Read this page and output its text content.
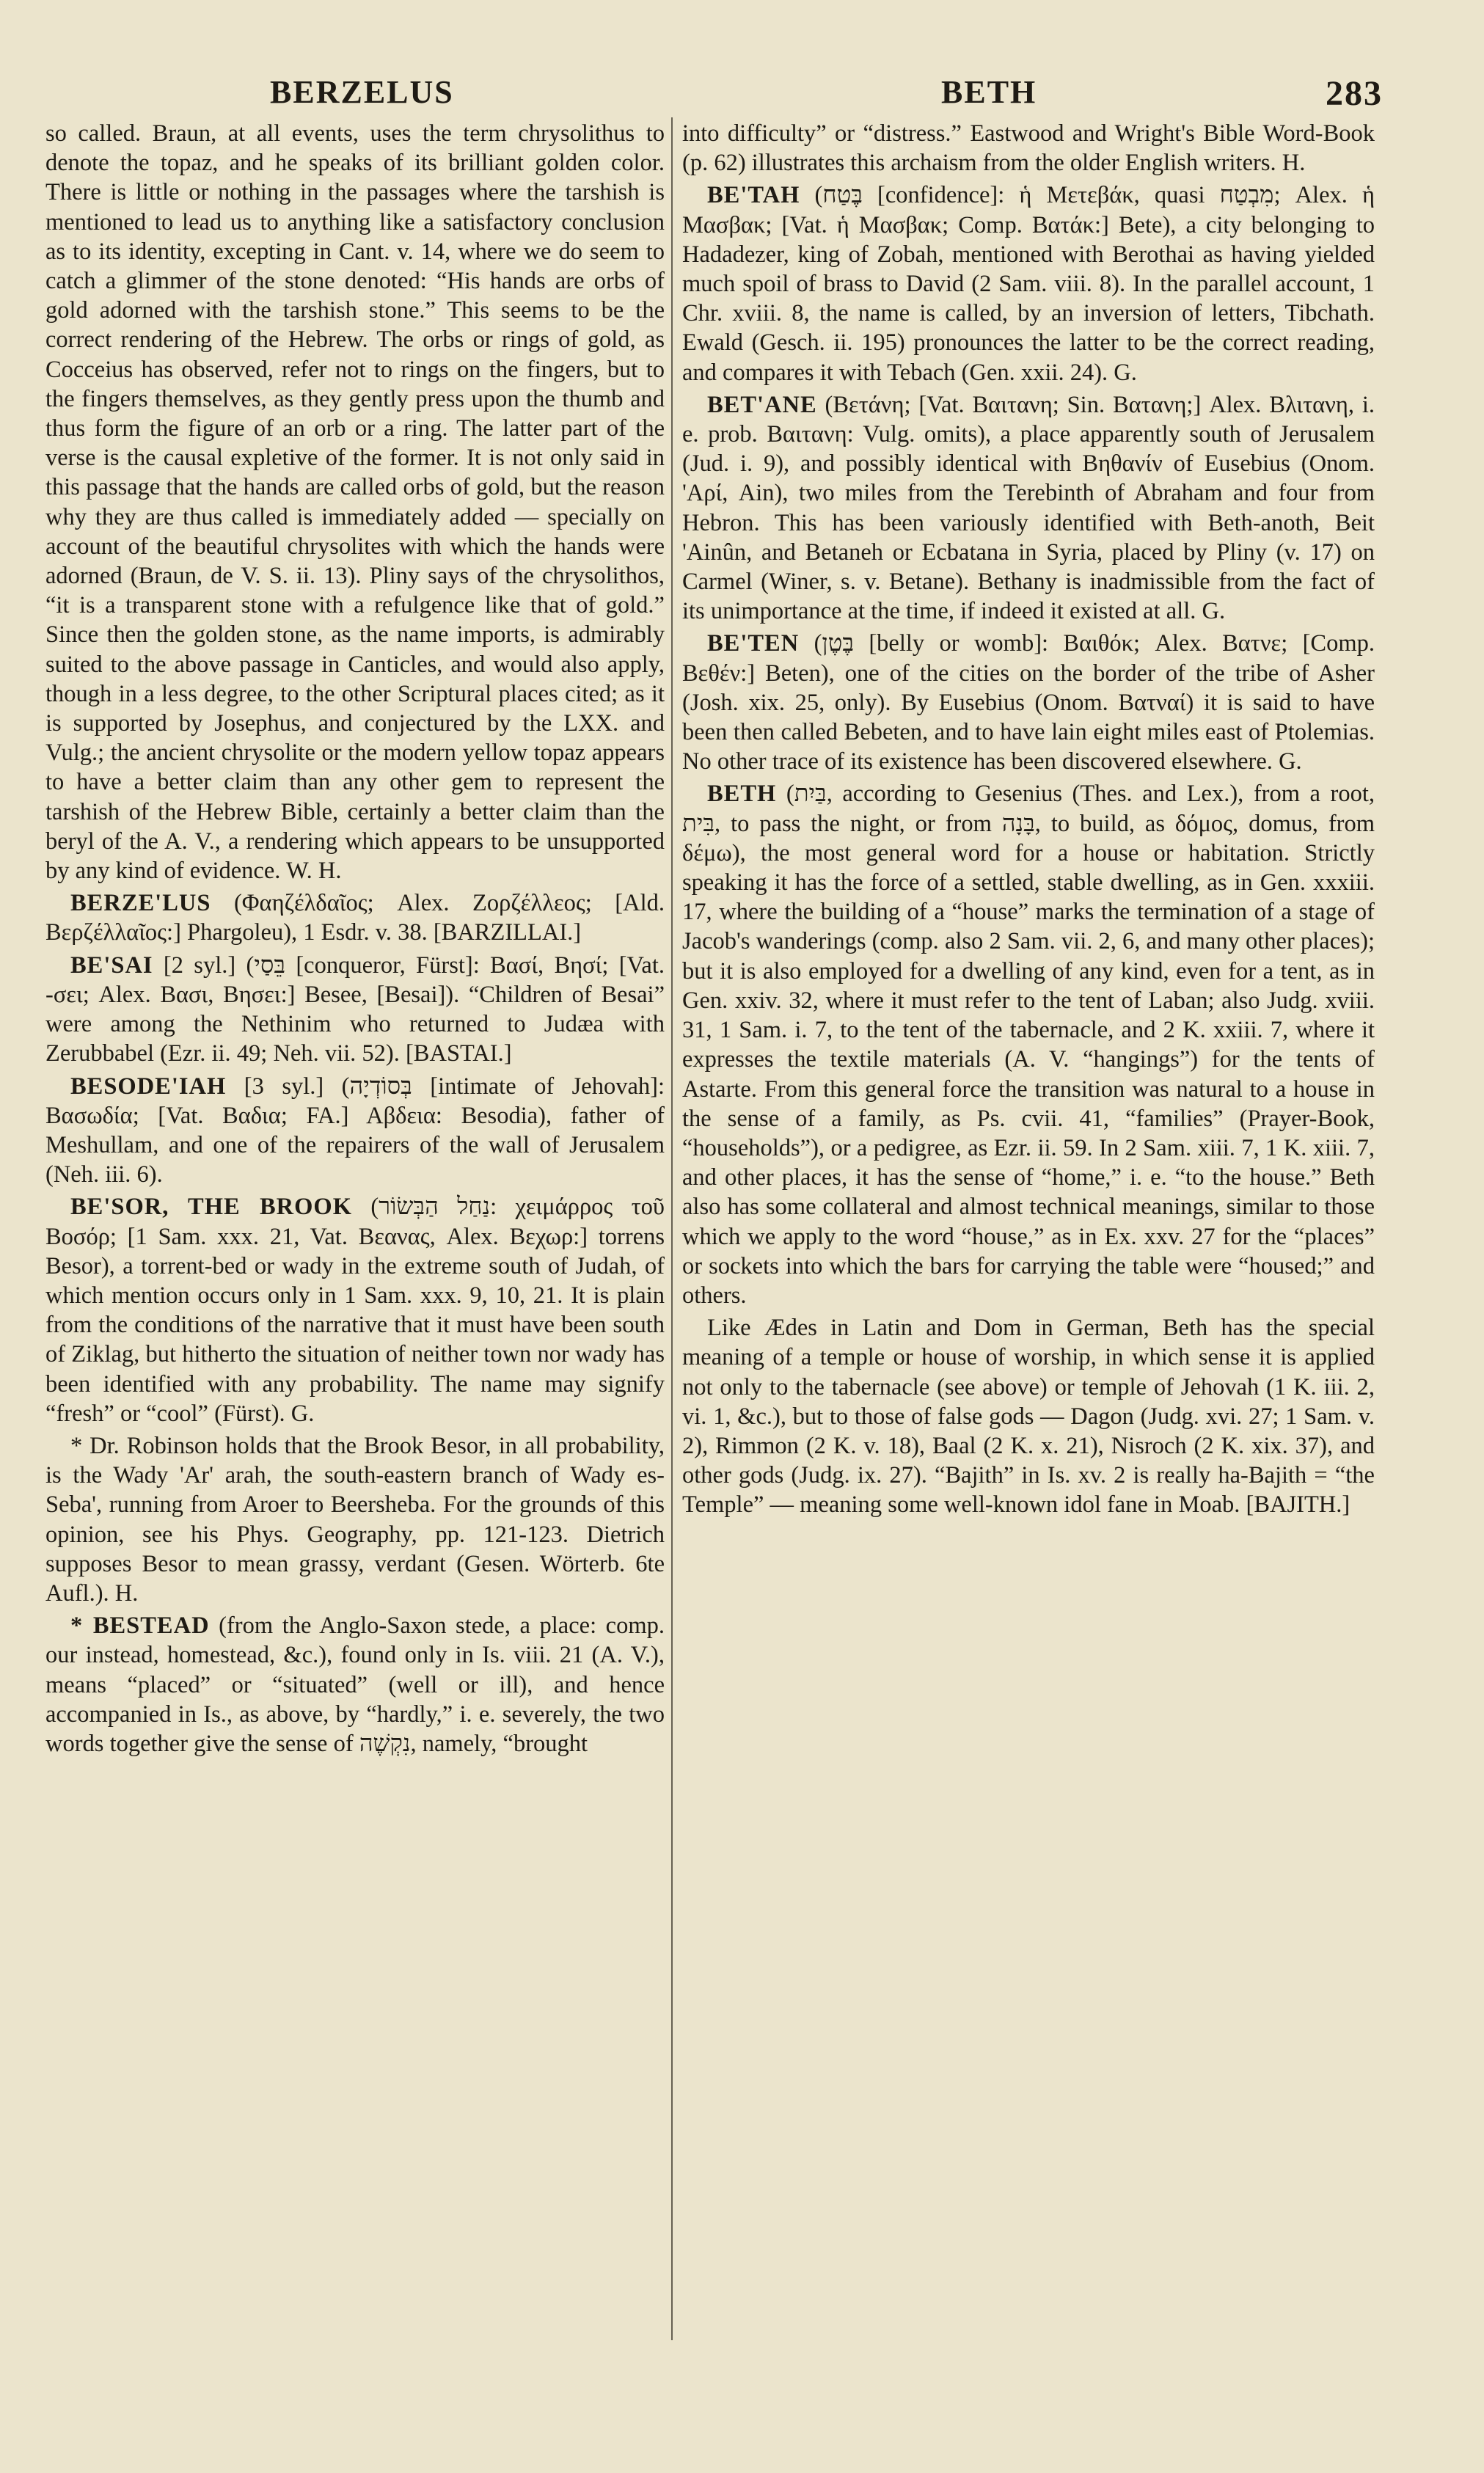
BERZELUS	BETH	283

so called. Braun, at all events, uses the term chrysolithus to denote the topaz, and he speaks of its brilliant golden color. There is little or nothing in the passages where the tarshish is mentioned to lead us to anything like a satisfactory conclusion as to its identity, excepting in Cant. v. 14, where we do seem to catch a glimmer of the stone denoted: “His hands are orbs of gold adorned with the tarshish stone.” This seems to be the correct rendering of the Hebrew. The orbs or rings of gold, as Cocceius has observed, refer not to rings on the fingers, but to the fingers themselves, as they gently press upon the thumb and thus form the figure of an orb or a ring. The latter part of the verse is the causal expletive of the former. It is not only said in this passage that the hands are called orbs of gold, but the reason why they are thus called is immediately added — specially on account of the beautiful chrysolites with which the hands were adorned (Braun, de V. S. ii. 13). Pliny says of the chrysolithos, “it is a transparent stone with a refulgence like that of gold.” Since then the golden stone, as the name imports, is admirably suited to the above passage in Canticles, and would also apply, though in a less degree, to the other Scriptural places cited; as it is supported by Josephus, and conjectured by the LXX. and Vulg.; the ancient chrysolite or the modern yellow topaz appears to have a better claim than any other gem to represent the tarshish of the Hebrew Bible, certainly a better claim than the beryl of the A. V., a rendering which appears to be unsupported by any kind of evidence. W. H.

BERZE'LUS (Φαηζέλδαῖος; Alex. Ζορζέλλεος; [Ald. Βερζέλλαῖος:] Phargoleu), 1 Esdr. v. 38. [BARZILLAI.]

BE'SAI [2 syl.] (בֵּסַי [conqueror, Fürst]: Βασί, Βησί; [Vat. -σει; Alex. Βασι, Βησει:] Besee, [Besai]). “Children of Besai” were among the Nethinim who returned to Judæa with Zerubbabel (Ezr. ii. 49; Neh. vii. 52). [BASTAI.]

BESODE'IAH [3 syl.] (בְּסוֹדְיָה [intimate of Jehovah]: Βασωδία; [Vat. Βαδια; FA.] Αβδεια: Besodia), father of Meshullam, and one of the repairers of the wall of Jerusalem (Neh. iii. 6).

BE'SOR, THE BROOK (נַחַל הַבְּשׂוֹר: χειμάρρος τοῦ Βοσόρ; [1 Sam. xxx. 21, Vat. Βεανας, Alex. Βεχωρ:] torrens Besor), a torrent-bed or wady in the extreme south of Judah, of which mention occurs only in 1 Sam. xxx. 9, 10, 21. It is plain from the conditions of the narrative that it must have been south of Ziklag, but hitherto the situation of neither town nor wady has been identified with any probability. The name may signify “fresh” or “cool” (Fürst). G.

* Dr. Robinson holds that the Brook Besor, in all probability, is the Wady 'Ar' arah, the south-eastern branch of Wady es-Seba', running from Aroer to Beersheba. For the grounds of this opinion, see his Phys. Geography, pp. 121-123. Dietrich supposes Besor to mean grassy, verdant (Gesen. Wörterb. 6te Aufl.). H.

* BESTEAD (from the Anglo-Saxon stede, a place: comp. our instead, homestead, &c.), found only in Is. viii. 21 (A. V.), means “placed” or “situated” (well or ill), and hence accompanied in Is., as above, by “hardly,” i. e. severely, the two words together give the sense of נִקְשֶׁה, namely, “brought

into difficulty” or “distress.” Eastwood and Wright's Bible Word-Book (p. 62) illustrates this archaism from the older English writers. H.

BE'TAH (בֶּטַח [confidence]: ἡ Μετεβάκ, quasi מִבְטַח; Alex. ἡ Μασβακ; [Vat. ἡ Μασβακ; Comp. Βατάκ:] Bete), a city belonging to Hadadezer, king of Zobah, mentioned with Berothai as having yielded much spoil of brass to David (2 Sam. viii. 8). In the parallel account, 1 Chr. xviii. 8, the name is called, by an inversion of letters, Tibchath. Ewald (Gesch. ii. 195) pronounces the latter to be the correct reading, and compares it with Tebach (Gen. xxii. 24). G.

BET'ANE (Βετάνη; [Vat. Βαιτανη; Sin. Βατανη;] Alex. Βλιτανη, i. e. prob. Βαιτανη: Vulg. omits), a place apparently south of Jerusalem (Jud. i. 9), and possibly identical with Βηθανίν of Eusebius (Onom. 'Αρί, Ain), two miles from the Terebinth of Abraham and four from Hebron. This has been variously identified with Beth-anoth, Beit 'Ainûn, and Betaneh or Ecbatana in Syria, placed by Pliny (v. 17) on Carmel (Winer, s. v. Betane). Bethany is inadmissible from the fact of its unimportance at the time, if indeed it existed at all. G.

BE'TEN (בֶּטֶן [belly or womb]: Βαιθόκ; Alex. Βατνε; [Comp. Βεθέν:] Beten), one of the cities on the border of the tribe of Asher (Josh. xix. 25, only). By Eusebius (Onom. Βατναί) it is said to have been then called Bebeten, and to have lain eight miles east of Ptolemias. No other trace of its existence has been discovered elsewhere. G.

BETH (בַּיִת, according to Gesenius (Thes. and Lex.), from a root, בִּית, to pass the night, or from בָּנָה, to build, as δόμος, domus, from δέμω), the most general word for a house or habitation. Strictly speaking it has the force of a settled, stable dwelling, as in Gen. xxxiii. 17, where the building of a “house” marks the termination of a stage of Jacob's wanderings (comp. also 2 Sam. vii. 2, 6, and many other places); but it is also employed for a dwelling of any kind, even for a tent, as in Gen. xxiv. 32, where it must refer to the tent of Laban; also Judg. xviii. 31, 1 Sam. i. 7, to the tent of the tabernacle, and 2 K. xxiii. 7, where it expresses the textile materials (A. V. “hangings”) for the tents of Astarte. From this general force the transition was natural to a house in the sense of a family, as Ps. cvii. 41, “families” (Prayer-Book, “households”), or a pedigree, as Ezr. ii. 59. In 2 Sam. xiii. 7, 1 K. xiii. 7, and other places, it has the sense of “home,” i. e. “to the house.” Beth also has some collateral and almost technical meanings, similar to those which we apply to the word “house,” as in Ex. xxv. 27 for the “places” or sockets into which the bars for carrying the table were “housed;” and others.

Like Ædes in Latin and Dom in German, Beth has the special meaning of a temple or house of worship, in which sense it is applied not only to the tabernacle (see above) or temple of Jehovah (1 K. iii. 2, vi. 1, &c.), but to those of false gods — Dagon (Judg. xvi. 27; 1 Sam. v. 2), Rimmon (2 K. v. 18), Baal (2 K. x. 21), Nisroch (2 K. xix. 37), and other gods (Judg. ix. 27). “Bajith” in Is. xv. 2 is really ha-Bajith = “the Temple” — meaning some well-known idol fane in Moab. [BAJITH.]
